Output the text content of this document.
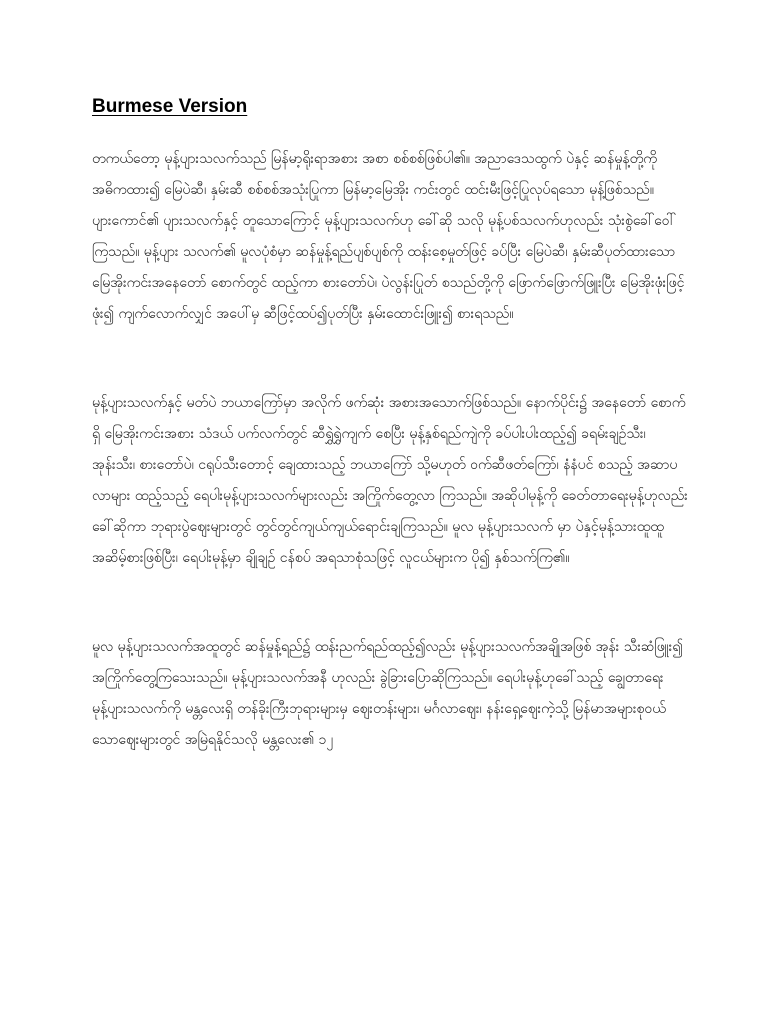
Burmese Version

တကယ်တော့ မုန့်ပျားသလက်သည် မြန်မာ့ရိုးရာအစား အစာ စစ်စစ်ဖြစ်ပါ၏။ အညာဒေသထွက် ပဲနှင့် ဆန်မှုန့်တို့ကို အဓိကထား၍ မြေပဲဆီ၊ နှမ်းဆီ စစ်စစ်အသုံးပြုကာ မြန်မာ့မြေအိုး ကင်းတွင် ထင်းမီးဖြင့်ပြုလုပ်ရသော မုန့်ဖြစ်သည်။ ပျားကောင်၏ ပျားသလက်နှင့် တူသောကြောင့် မုန့်ပျားသလက်ဟု ခေါ်ဆို သလို မုန့်ပစ်သလက်ဟုလည်း သုံးစွဲခေါ်ဝေါ်ကြသည်။ မုန့်ပျား သလက်၏ မူလပုံစံမှာ ဆန်မှုန့်ရည်ပျစ်ပျစ်ကို ထန်းစေ့မှုတ်ဖြင့် ခပ်ပြီး မြေပဲဆီ၊ နှမ်းဆီပုတ်ထားသော မြေအိုးကင်းအနေတော် စောက်တွင် ထည့်ကာ စားတော်ပဲ၊ ပဲလွန်းပြုတ် စသည်တို့ကို ဖြောက်ဖြောက်ဖြူးပြီး မြေအိုးဖုံးဖြင့်ဖုံး၍ ကျက်လောက်လျှင် အပေါ်မှ ဆီဖြင့်ထပ်၍ပုတ်ပြီး နှမ်းထောင်းဖြူး၍ စားရသည်။

မုန့်ပျားသလက်နှင့် မတ်ပဲ ဘယာကြော်မှာ အလိုက် ဖက်ဆုံး အစားအသောက်ဖြစ်သည်။ နောက်ပိုင်း၌ အနေတော် စောက်ရှိ မြေအိုးကင်းအစား သံဒယ် ပက်လက်တွင် ဆီရွှဲရွှဲကျက် စေပြီး မုန့်နှစ်ရည်ကျဲကို ခပ်ပါးပါးထည့်၍ ခရမ်းချဉ်သီး၊ အုန်းသီး၊ စားတော်ပဲ၊ ငရုပ်သီးတောင့် ချေထားသည့် ဘယာကြော် သို့မဟုတ် ဝက်ဆီဖတ်ကြော်၊ နံနံပင် စသည့် အဆာပလာများ ထည့်သည့် ရေပါးမုန့်ပျားသလက်များလည်း အကြိုက်တွေ့လာ ကြသည်။ အဆိုပါမုန့်ကို ခေတ်တာရေးမုန့်ဟုလည်း ခေါ်ဆိုကာ ဘုရားပွဲဈေးများတွင် တွင်တွင်ကျယ်ကျယ်ရောင်းချကြသည်။ မူလ မုန့်ပျားသလက် မှာ ပဲနှင့်မုန့်သားထူထူ အဆိမ့်စားဖြစ်ပြီး၊ ရေပါးမုန့်မှာ ချိုချဉ် ငန်စပ် အရသာစုံသဖြင့် လူငယ်များက ပို၍ နှစ်သက်ကြ၏။

မူလ မုန့်ပျားသလက်အထူတွင် ဆန်မှုန့်ရည်၌ ထန်းညက်ရည်ထည့်၍လည်း မုန့်ပျားသလက်အချိုအဖြစ် အုန်း သီးဆံဖြူး၍ အကြိုက်တွေ့ကြသေးသည်။ မုန့်ပျားသလက်အနီ ဟုလည်း ခွဲခြားပြောဆိုကြသည်။ ရေပါးမုန့်ဟုခေါ်သည့် ချွေတာရေး မုန့်ပျားသလက်ကို မန္တလေးရှိ တန်ခိုးကြီးဘုရားများမှ ဈေးတန်းများ၊ မင်္ဂလာဈေး၊ နန်းရှေ့ဈေးကဲ့သို့ မြန်မာအများစုဝယ် သောဈေးများတွင် အမြဲရနိုင်သလို မန္တလေး၏ ၁၂
